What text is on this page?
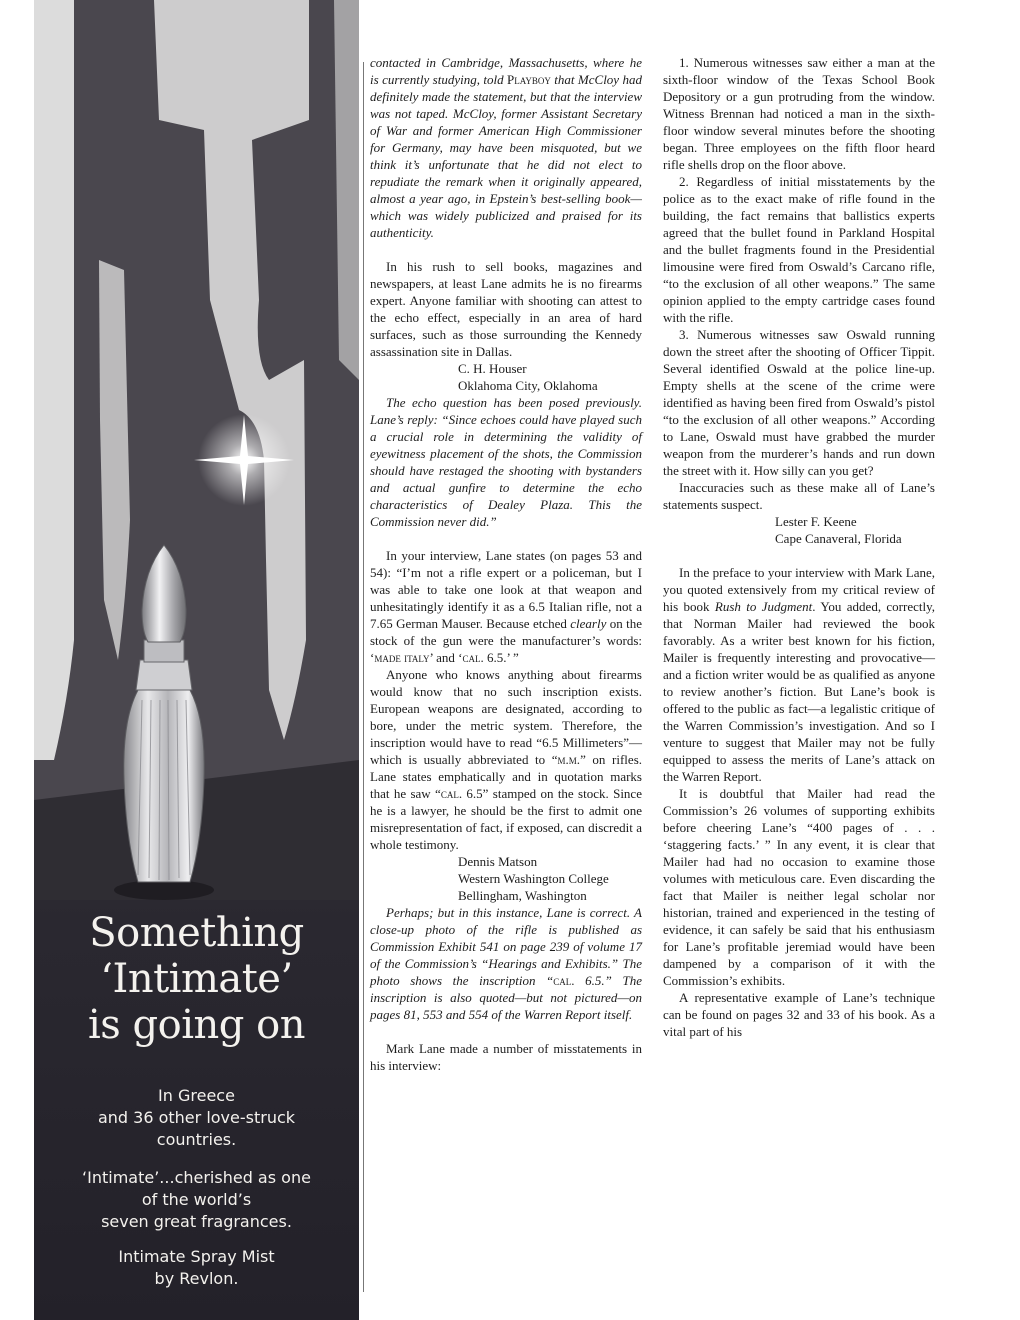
Something
‘Intimate’
is going on
In Greece
and 36 other love-struck
countries.
‘Intimate’...cherished as one
of the world’s
seven great fragrances.
Intimate Spray Mist
by Revlon.

contacted in Cambridge, Massachusetts, where he is currently studying, told Playboy that McCloy had definitely made the statement, but that the interview was not taped. McCloy, former Assistant Secretary of War and former American High Commissioner for Germany, may have been misquoted, but we think it’s unfortunate that he did not elect to repudiate the remark when it originally appeared, almost a year ago, in Epstein’s best-selling book—which was widely publicized and praised for its authenticity.

In his rush to sell books, magazines and newspapers, at least Lane admits he is no firearms expert. Anyone familiar with shooting can attest to the echo effect, especially in an area of hard surfaces, such as those surrounding the Kennedy assassination site in Dallas.

C. H. Houser

Oklahoma City, Oklahoma

The echo question has been posed previously. Lane’s reply: “Since echoes could have played such a crucial role in determining the validity of eyewitness placement of the shots, the Commission should have restaged the shooting with bystanders and actual gunfire to determine the echo characteristics of Dealey Plaza. This the Commission never did.”

In your interview, Lane states (on pages 53 and 54): “I’m not a rifle expert or a policeman, but I was able to take one look at that weapon and unhesitatingly identify it as a 6.5 Italian rifle, not a 7.65 German Mauser. Because etched clearly on the stock of the gun were the manufacturer’s words: ‘made italy’ and ‘cal. 6.5.’ ”

Anyone who knows anything about firearms would know that no such inscription exists. European weapons are designated, according to bore, under the metric system. Therefore, the inscription would have to read “6.5 Millimeters”—which is usually abbreviated to “m.m.” on rifles. Lane states emphatically and in quotation marks that he saw “cal. 6.5” stamped on the stock. Since he is a lawyer, he should be the first to admit one misrepresentation of fact, if exposed, can discredit a whole testimony.

Dennis Matson

Western Washington College

Bellingham, Washington

Perhaps; but in this instance, Lane is correct. A close-up photo of the rifle is published as Commission Exhibit 541 on page 239 of volume 17 of the Commission’s “Hearings and Exhibits.” The photo shows the inscription “cal. 6.5.” The inscription is also quoted—but not pictured—on pages 81, 553 and 554 of the Warren Report itself.

Mark Lane made a number of misstatements in his interview:

1. Numerous witnesses saw either a man at the sixth-floor window of the Texas School Book Depository or a gun protruding from the window. Witness Brennan had noticed a man in the sixth-floor window several minutes before the shooting began. Three employees on the fifth floor heard rifle shells drop on the floor above.

2. Regardless of initial misstatements by the police as to the exact make of rifle found in the building, the fact remains that ballistics experts agreed that the bullet found in Parkland Hospital and the bullet fragments found in the Presidential limousine were fired from Oswald’s Carcano rifle, “to the exclusion of all other weapons.” The same opinion applied to the empty cartridge cases found with the rifle.

3. Numerous witnesses saw Oswald running down the street after the shooting of Officer Tippit. Several identified Oswald at the police line-up. Empty shells at the scene of the crime were identified as having been fired from Oswald’s pistol “to the exclusion of all other weapons.” According to Lane, Oswald must have grabbed the murder weapon from the murderer’s hands and run down the street with it. How silly can you get?

Inaccuracies such as these make all of Lane’s statements suspect.

Lester F. Keene

Cape Canaveral, Florida

In the preface to your interview with Mark Lane, you quoted extensively from my critical review of his book Rush to Judgment. You added, correctly, that Norman Mailer had reviewed the book favorably. As a writer best known for his fiction, Mailer is frequently interesting and provocative—and a fiction writer would be as qualified as anyone to review another’s fiction. But Lane’s book is offered to the public as fact—a legalistic critique of the Warren Commission’s investigation. And so I venture to suggest that Mailer may not be fully equipped to assess the merits of Lane’s attack on the Warren Report.

It is doubtful that Mailer had read the Commission’s 26 volumes of supporting exhibits before cheering Lane’s “400 pages of . . . ‘staggering facts.’ ” In any event, it is clear that Mailer had had no occasion to examine those volumes with meticulous care. Even discarding the fact that Mailer is neither legal scholar nor historian, trained and experienced in the testing of evidence, it can safely be said that his enthusiasm for Lane’s profitable jeremiad would have been dampened by a comparison of it with the Commission’s exhibits.

A representative example of Lane’s technique can be found on pages 32 and 33 of his book. As a vital part of his
